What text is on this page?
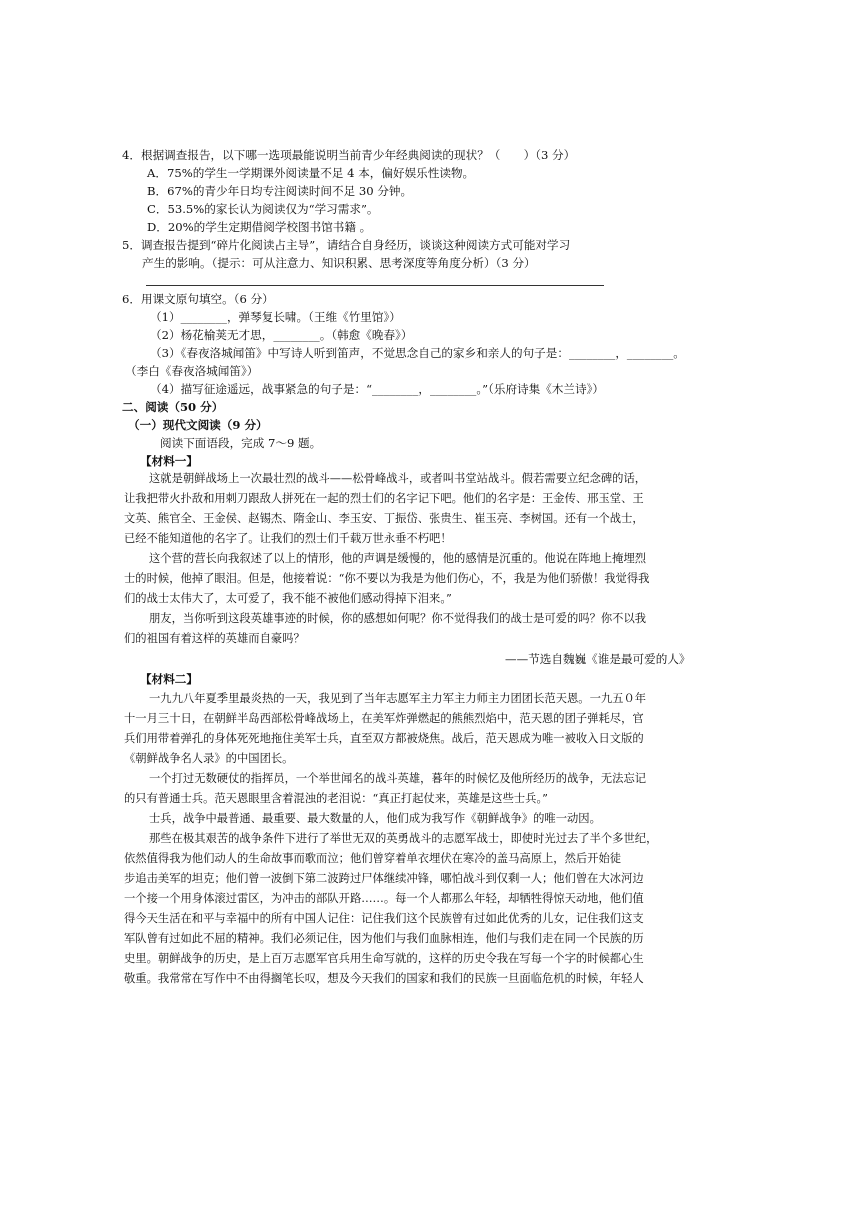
4．根据调查报告，以下哪一选项最能说明当前青少年经典阅读的现状？（　　）（3 分）
A．75%的学生一学期课外阅读量不足 4 本，偏好娱乐性读物。
B．67%的青少年日均专注阅读时间不足 30 分钟。
C．53.5%的家长认为阅读仅为“学习需求”。
D．20%的学生定期借阅学校图书馆书籍 。
5．调查报告提到“碎片化阅读占主导”，请结合自身经历，谈谈这种阅读方式可能对学习
产生的影响。（提示：可从注意力、知识积累、思考深度等角度分析）（3 分）
6．用课文原句填空。（6 分）
（1）________，弹琴复长啸。（王维《竹里馆》）
（2）杨花榆荚无才思，________。（韩愈《晚春》）
（3）《春夜洛城闻笛》中写诗人听到笛声，不觉思念自己的家乡和亲人的句子是：________，________。
（李白《春夜洛城闻笛》）
（4）描写征途遥远，战事紧急的句子是：“________，________。”（乐府诗集《木兰诗》）
二、阅读（50 分）
（一）现代文阅读（9 分）
阅读下面语段，完成 7～9 题。
【材料一】
这就是朝鲜战场上一次最壮烈的战斗——松骨峰战斗，或者叫书堂站战斗。假若需要立纪念碑的话，
让我把带火扑敌和用刺刀跟敌人拼死在一起的烈士们的名字记下吧。他们的名字是：王金传、邢玉堂、王
文英、熊官全、王金侯、赵锡杰、隋金山、李玉安、丁振岱、张贵生、崔玉亮、李树国。还有一个战士，
已经不能知道他的名字了。让我们的烈士们千载万世永垂不朽吧！
这个营的营长向我叙述了以上的情形，他的声调是缓慢的，他的感情是沉重的。他说在阵地上掩埋烈
士的时候，他掉了眼泪。但是，他接着说：“你不要以为我是为他们伤心，不，我是为他们骄傲！我觉得我
们的战士太伟大了，太可爱了，我不能不被他们感动得掉下泪来。”
朋友，当你听到这段英雄事迹的时候，你的感想如何呢？你不觉得我们的战士是可爱的吗？你不以我
们的祖国有着这样的英雄而自豪吗？
——节选自魏巍《谁是最可爱的人》
【材料二】
一九九八年夏季里最炎热的一天，我见到了当年志愿军主力军主力师主力团团长范天恩。一九五０年
十一月三十日，在朝鲜半岛西部松骨峰战场上，在美军炸弹燃起的熊熊烈焰中，范天恩的团子弹耗尽，官
兵们用带着弹孔的身体死死地拖住美军士兵，直至双方都被烧焦。战后，范天恩成为唯一被收入日文版的
《朝鲜战争名人录》的中国团长。
一个打过无数硬仗的指挥员，一个举世闻名的战斗英雄，暮年的时候忆及他所经历的战争，无法忘记
的只有普通士兵。范天恩眼里含着混浊的老泪说：“真正打起仗来，英雄是这些士兵。”
士兵，战争中最普通、最重要、最大数量的人，他们成为我写作《朝鲜战争》的唯一动因。
那些在极其艰苦的战争条件下进行了举世无双的英勇战斗的志愿军战士，即使时光过去了半个多世纪，
依然值得我为他们动人的生命故事而歌而泣；他们曾穿着单衣埋伏在寒冷的盖马高原上，然后开始徒
步追击美军的坦克；他们曾一波倒下第二波跨过尸体继续冲锋，哪怕战斗到仅剩一人；他们曾在大冰河边
一个接一个用身体滚过雷区，为冲击的部队开路……。每一个人都那么年轻，却牺牲得惊天动地，他们值
得今天生活在和平与幸福中的所有中国人记住：记住我们这个民族曾有过如此优秀的儿女，记住我们这支
军队曾有过如此不屈的精神。我们必须记住，因为他们与我们血脉相连，他们与我们走在同一个民族的历
史里。朝鲜战争的历史，是上百万志愿军官兵用生命写就的，这样的历史令我在写每一个字的时候都心生
敬重。我常常在写作中不由得搁笔长叹，想及今天我们的国家和我们的民族一旦面临危机的时候，年轻人
